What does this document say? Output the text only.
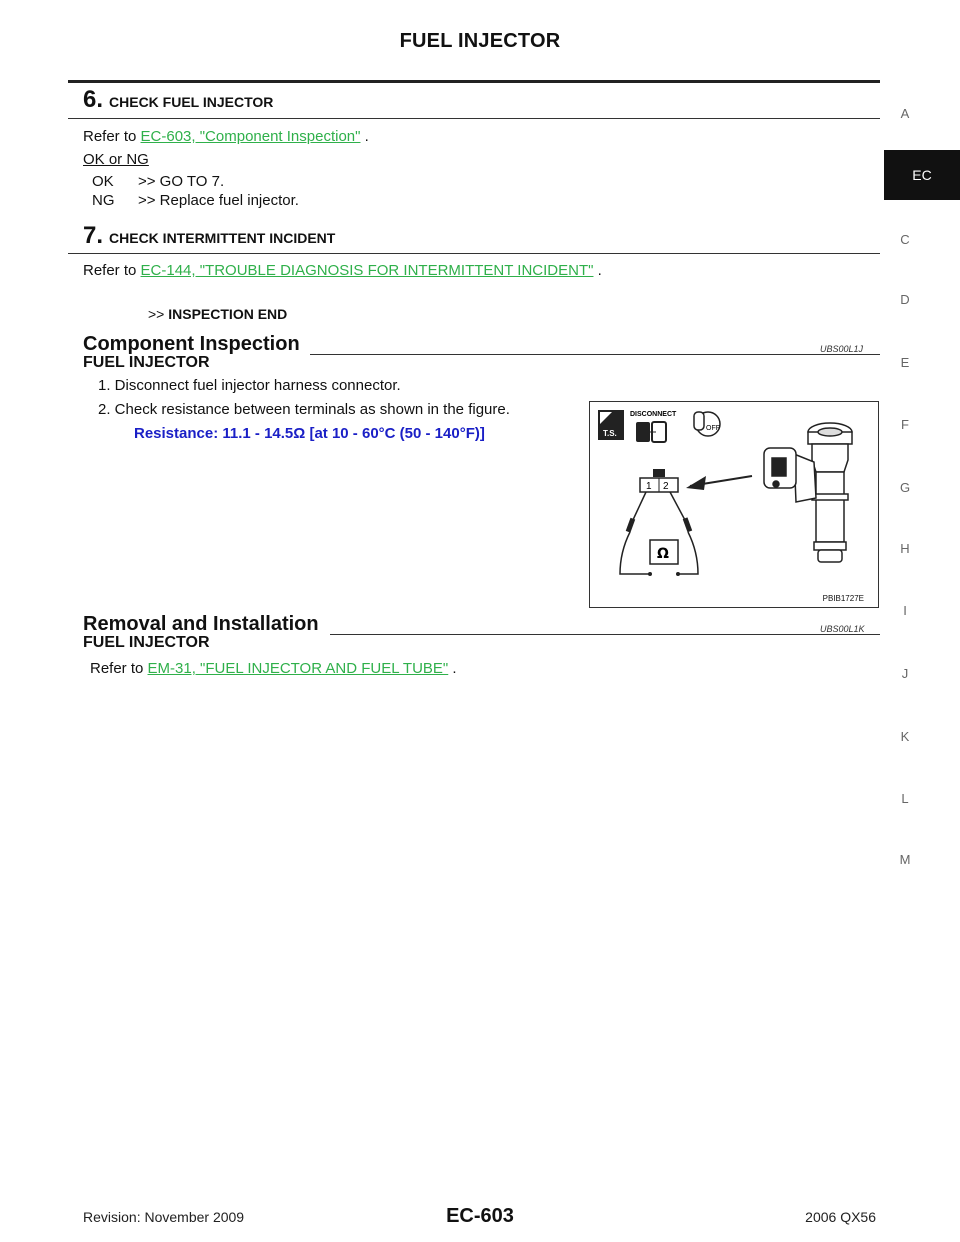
FUEL INJECTOR
6. CHECK FUEL INJECTOR
Refer to EC-603, "Component Inspection" .
OK or NG
OK >> GO TO 7.
NG >> Replace fuel injector.
7. CHECK INTERMITTENT INCIDENT
Refer to EC-144, "TROUBLE DIAGNOSIS FOR INTERMITTENT INCIDENT" .
>> INSPECTION END
Component Inspection	UBS00L1J
FUEL INJECTOR
1. Disconnect fuel injector harness connector.
2. Check resistance between terminals as shown in the figure.
Resistance: 11.1 - 14.5Ω [at 10 - 60°C (50 - 140°F)]	T.S.
DISCONNECT
OFF
1 2
Ω
PBIB1727E
Removal and Installation	UBS00L1K
FUEL INJECTOR
Refer to EM-31, "FUEL INJECTOR AND FUEL TUBE" .
A
EC
C
D
E
F
G
H
I
J
K
L
M
Revision: November 2009	EC-603	2006 QX56
